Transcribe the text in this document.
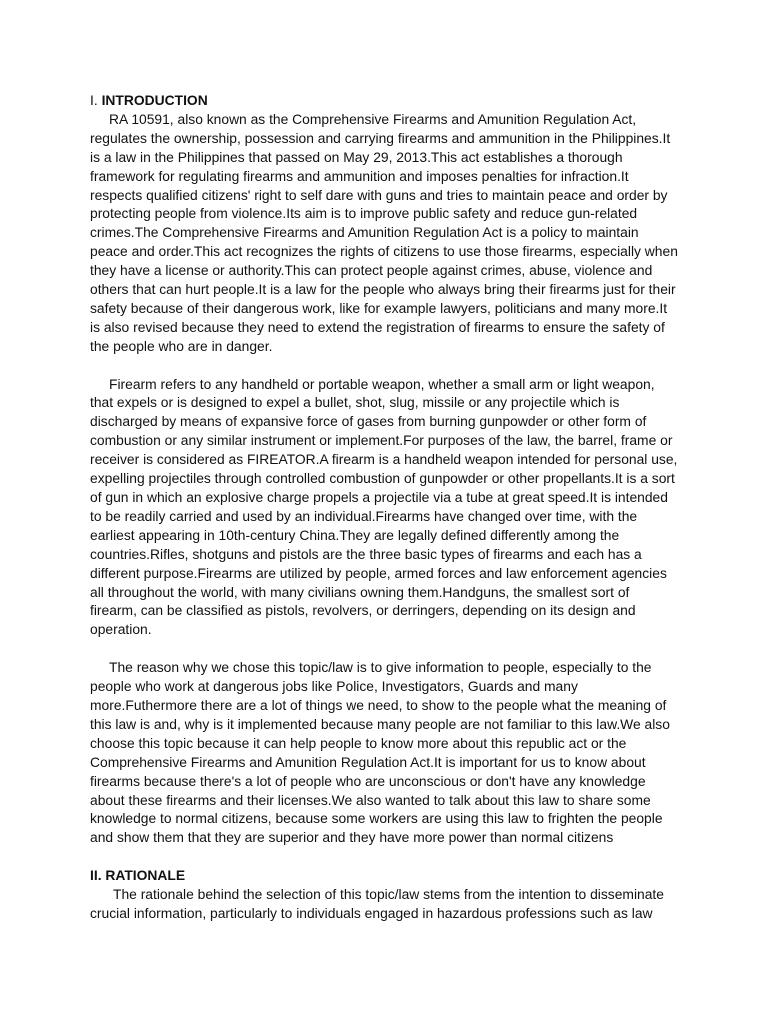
I. INTRODUCTION

RA 10591, also known as the Comprehensive Firearms and Amunition Regulation Act, regulates the ownership, possession and carrying firearms and ammunition in the Philippines.It is a law in the Philippines that passed on May 29, 2013.This act establishes a thorough framework for regulating firearms and ammunition and imposes penalties for infraction.It respects qualified citizens' right to self dare with guns and tries to maintain peace and order by protecting people from violence.Its aim is to improve public safety and reduce gun-related crimes.The Comprehensive Firearms and Amunition Regulation Act is a policy to maintain peace and order.This act recognizes the rights of citizens to use those firearms, especially when they have a license or authority.This can protect people against crimes, abuse, violence and others that can hurt people.It is a law for the people who always bring their firearms just for their safety because of their dangerous work, like for example lawyers, politicians and many more.It is also revised because they need to extend the registration of firearms to ensure the safety of the people who are in danger.

Firearm refers to any handheld or portable weapon, whether a small arm or light weapon, that expels or is designed to expel a bullet, shot, slug, missile or any projectile which is discharged by means of expansive force of gases from burning gunpowder or other form of combustion or any similar instrument or implement.For purposes of the law, the barrel, frame or receiver is considered as FIREATOR.A firearm is a handheld weapon intended for personal use, expelling projectiles through controlled combustion of gunpowder or other propellants.It is a sort of gun in which an explosive charge propels a projectile via a tube at great speed.It is intended to be readily carried and used by an individual.Firearms have changed over time, with the earliest appearing in 10th-century China.They are legally defined differently among the countries.Rifles, shotguns and pistols are the three basic types of firearms and each has a different purpose.Firearms are utilized by people, armed forces and law enforcement agencies all throughout the world, with many civilians owning them.Handguns, the smallest sort of firearm, can be classified as pistols, revolvers, or derringers, depending on its design and operation.

The reason why we chose this topic/law is to give information to people, especially to the people who work at dangerous jobs like Police, Investigators, Guards and many more.Futhermore there are a lot of things we need, to show to the people what the meaning of this law is and, why is it implemented because many people are not familiar to this law.We also choose this topic because it can help people to know more about this republic act or the Comprehensive Firearms and Amunition Regulation Act.It is important for us to know about firearms because there's a lot of people who are unconscious or don't have any knowledge about these firearms and their licenses.We also wanted to talk about this law to share some knowledge to normal citizens, because some workers are using this law to frighten the people and show them that they are superior and they have more power than normal citizens

II. RATIONALE

The rationale behind the selection of this topic/law stems from the intention to disseminate crucial information, particularly to individuals engaged in hazardous professions such as law
